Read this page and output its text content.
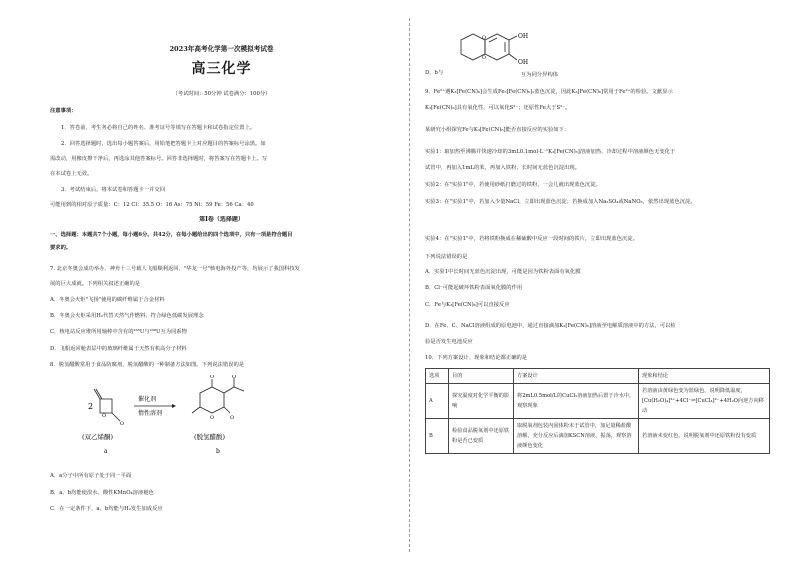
2023年高考化学第一次模拟考试卷
高三化学
（考试时间：50分钟 试卷满分：100分）
注意事项：
1．答卷前，考生务必将自己的姓名、准考证号等填写在答题卡和试卷指定位置上。
2．回答选择题时，选出每小题答案后，用铅笔把答题卡上对应题目的答案标号涂黑。如
需改动，用橡皮擦干净后，再选涂其他答案标号。回答非选择题时，将答案写在答题卡上。写
在本试卷上无效。
3．考试结束后，将本试卷和答题卡一并交回
可能用到的相对原子质量：C：12 Cl：35.5 O：16 As：75 Ni：59 Fe：56 Ca：40
第Ⅰ卷（选择题）
一、选择题：本题共7个小题，每小题6分。共42分，在每小题给出的四个选项中，只有一项是符合题目
要求的。
7. 北京冬奥会成功举办、神舟十三号载人飞船顺利返回、"华龙一号"核电海外投产等，均展示了我国科技发
展的巨大成就。下列相关叙述正确的是
A．冬奥会火炬"飞扬"使用的碳纤维属于合金材料
B．冬奥会火炬采用H₂代替天然气作燃料，符合绿色低碳发展理念
C．核电站反应堆所用轴棒中含有的²³⁵U与²³⁸U互为同系物
D．飞船返回舱表层中的玻璃纤维属于天然有机高分子材料
8．脱氢醋酸常用于食品防腐剂，脱氢醋酸的一种制备方法如图。下列说法错误的是
2
O
O
催化剂
惰性溶剂
O	O
O	O
(双乙烯酮)	(脱氢醋酸)
a	b
A．a分子中所有原子处于同一平面
B．a、b均能使溴水、酸性KMnO₄溶液褪色
C．在一定条件下，a、b均能与H₂发生加成反应
O
O
OH
OH
D．b与	互为同分异构体
9．Fe²⁺遇K₃[Fe(CN)₆]会生成Fe₃[Fe(CN)₆]₂蓝色沉淀，因此K₃[Fe(CN)₆]常用于Fe²⁺的检验。文献显示
K₃[Fe(CN)₆]具有氧化性，可以氧化S²⁻；还原性Fe大于S²⁻。
某研究小组探究Fe与K₃[Fe(CN)₆]能否直接反应的实验如下：
实验1：取加热至沸腾并快速冷却的3mL0.1mol·L⁻¹K₃[Fe(CN)₆]溶液加热、冷却过程中溶液颜色无变化于
试管中，再加入1mL的苯，再加入铁粉，长时间无蓝色沉淀出现。
实验2：在"实验1"中，若使用砂纸打磨过的铁粉，一会儿就出现蓝色沉淀。
实验3：在"实验1"中，若加入少量NaCl，立即出现蓝色沉淀；若换成加入Na₂SO₄或NaNO₃，依然出现蓝色沉淀。
实验4：在"实验1"中，若将铁粉换成在稀硫酸中反应一段时间的铁片，立即出现蓝色沉淀。
下列说法错误的是
A．实验1中长时间无蓝色沉淀出现，可能是因为铁粉表面有氧化膜
B．Cl⁻可能起破坏铁粉表面氧化膜的作用
C．Fe与K₃[Fe(CN)₆]可以直接反应
D．在Fe、C、NaCl溶液组成的原电池中，通过直接滴加K₃[Fe(CN)₆]溶液至电解质溶液中的方法，可以检
验是否发生电池反应
10．下列方案设计、现象和结论都正确的是
选项	目的	方案设计	现象和结论
A	探究温度对化学平衡的影响	将2mL0.5mol/L的CuCl₂溶液加热后置于冷水中，观察现象	若溶液由黄绿色变为蓝绿色，说明降低温度，[Cu(H₂O)₄]²⁺+4Cl⁻⇌[CuCl₄]²⁻+4H₂O向逆方向移动
B	检验食品脱氧剂中还原铁粉是否已变质	取脱氧剂包装内固体粉末于试管中，加足量稀盐酸溶解，充分反应后滴加KSCN溶液，振荡，观察溶液颜色变化	若溶液未变红色，说明脱氧剂中还原铁粉没有变质
